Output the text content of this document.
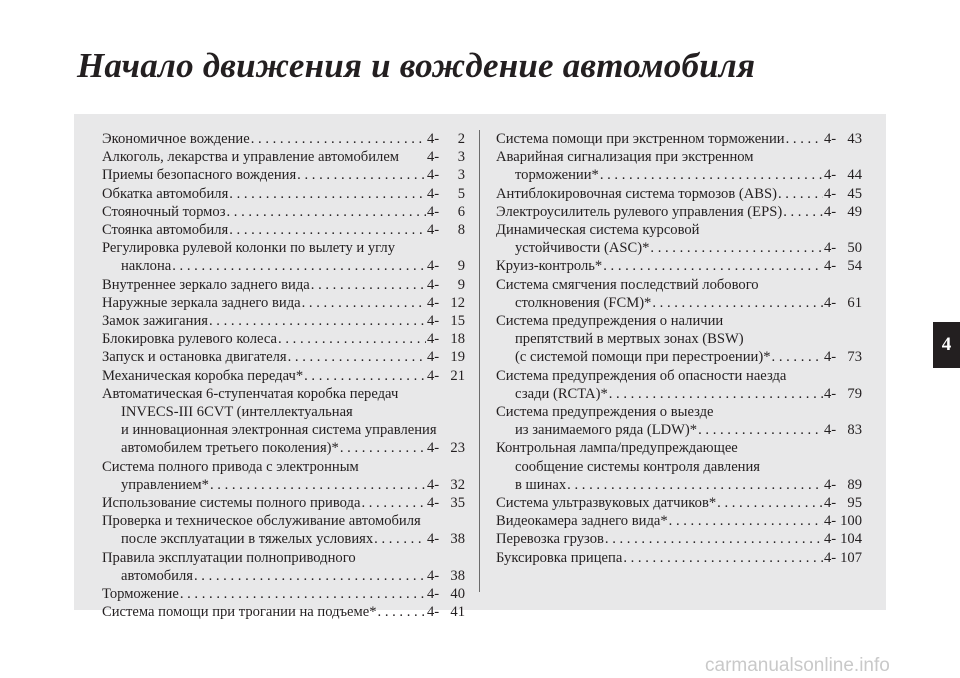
Начало движения и вождение автомобиля
Экономичное вождение . . .	4-	2
Алкоголь, лекарства и управление автомобилем 4-	3
Приемы безопасного вождения . . .	4-	3
Обкатка автомобиля . . .	4-	5
Стояночный тормоз . . .	4-	6
Стоянка автомобиля . . .	4-	8
Регулировка рулевой колонки по вылету и углу
наклона . . .	4-	9
Внутреннее зеркало заднего вида . . .	4-	9
Наружные зеркала заднего вида . . .	4- 12
Замок зажигания . . .	4- 15
Блокировка рулевого колеса . . .	4- 18
Запуск и остановка двигателя . . .	4- 19
Механическая коробка передач* . . .	4- 21
Автоматическая 6-ступенчатая коробка передач
INVECS-III 6CVT (интеллектуальная
и инновационная электронная система управления
автомобилем третьего поколения)* . . .	4- 23
Система полного привода с электронным
управлением* . . .	4- 32
Использование системы полного привода . . .	4- 35
Проверка и техническое обслуживание автомобиля
после эксплуатации в тяжелых условиях . . .	4- 38
Правила эксплуатации полноприводного
автомобиля . . .	4- 38
Торможение . . .	4- 40
Система помощи при трогании на подъеме* . . .	4- 41
Система помощи при экстренном торможении . . .	4- 43
Аварийная сигнализация при экстренном
торможении* . . .	4- 44
Антиблокировочная система тормозов (ABS) . . .	4- 45
Электроусилитель рулевого управления (EPS) . . .	4- 49
Динамическая система курсовой
устойчивости (ASC)* . . .	4- 50
Круиз-контроль* . . .	4- 54
Система смягчения последствий лобового
столкновения (FCM)* . . .	4- 61
Система предупреждения о наличии
препятствий в мертвых зонах (BSW)
(с системой помощи при перестроении)* . . .	4- 73
Система предупреждения об опасности наезда
сзади (RCTA)* . . .	4- 79
Система предупреждения о выезде
из занимаемого ряда (LDW)* . . .	4- 83
Контрольная лампа/предупреждающее
сообщение системы контроля давления
в шинах . . .	4- 89
Система ультразвуковых датчиков* . . .	4- 95
Видеокамера заднего вида* . . .	4- 100
Перевозка грузов . . .	4- 104
Буксировка прицепа . . .	4- 107
4
carmanualsonline.info
